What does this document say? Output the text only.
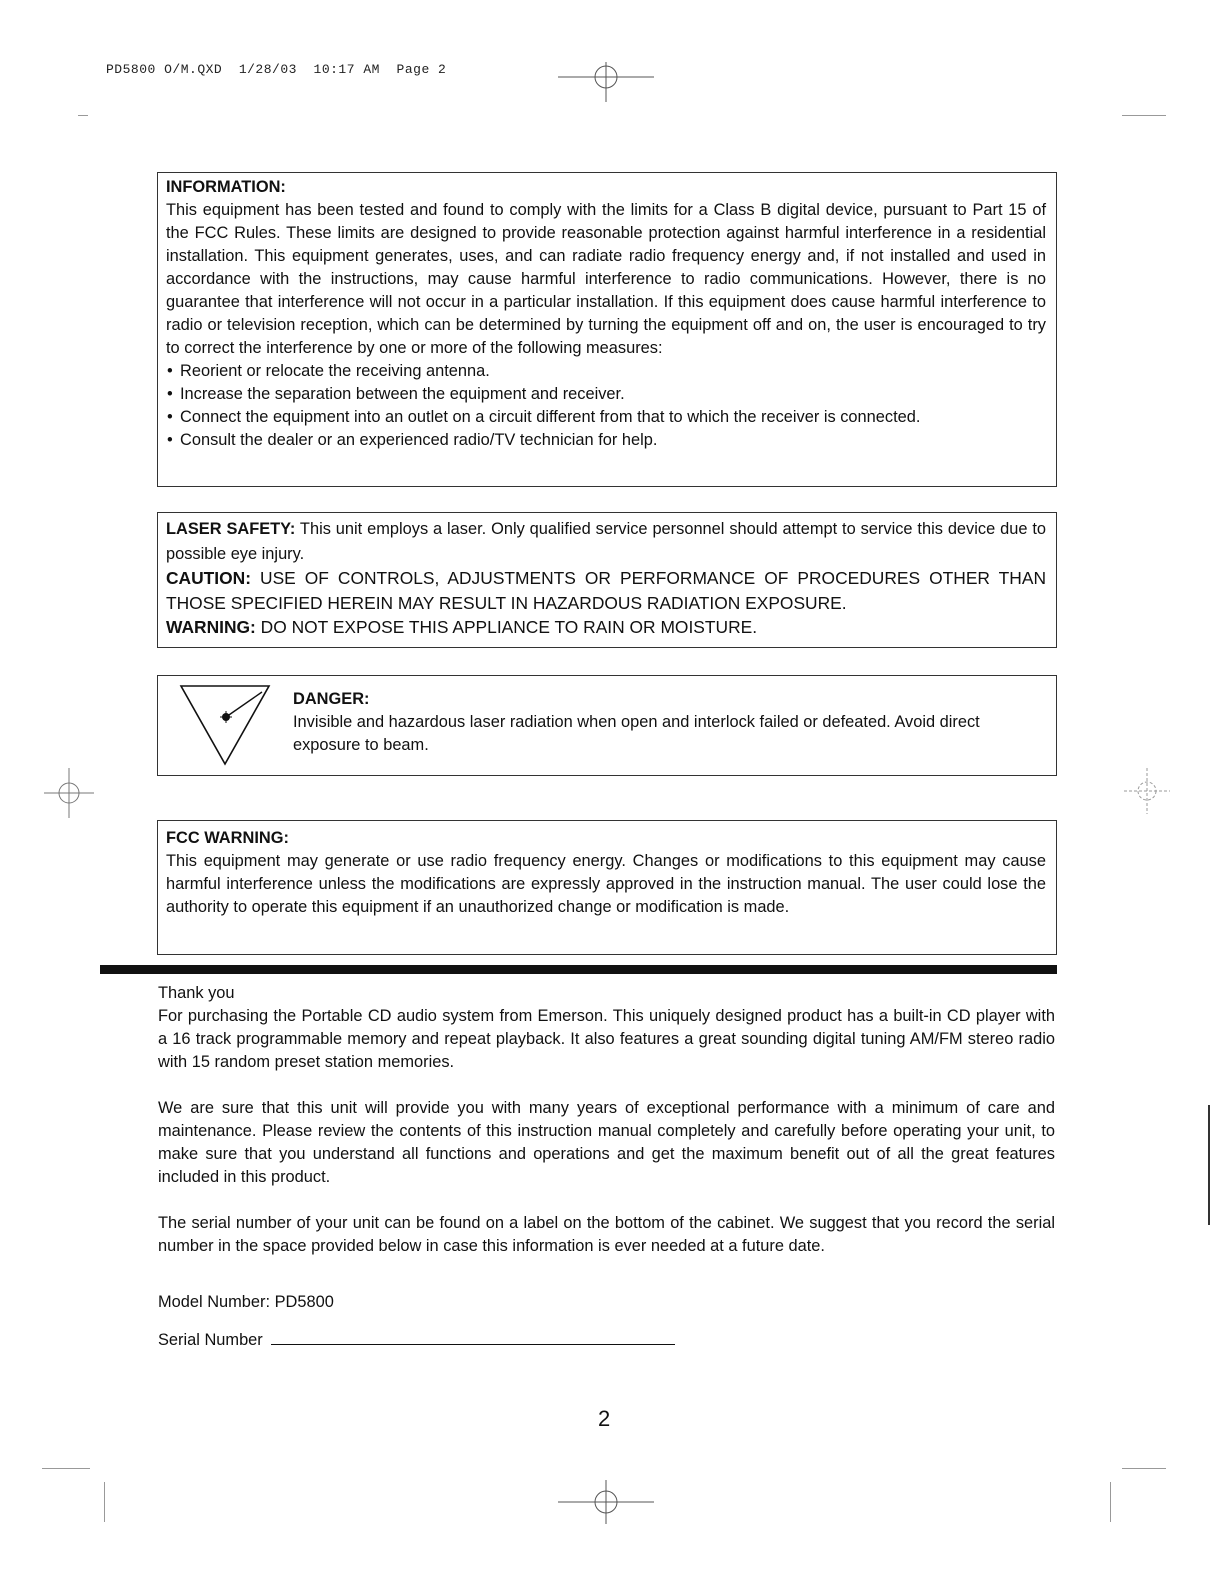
PD5800 O/M.QXD  1/28/03  10:17 AM  Page 2

INFORMATION:

This equipment has been tested and found to comply with the limits for a Class B digital device, pursuant to Part 15 of the FCC Rules. These limits are designed to provide reasonable protection against harmful interference in a residential installation. This equipment generates, uses, and can radiate radio frequency energy and, if not installed and used in accordance with the instructions, may cause harmful interference to radio communications. However, there is no guarantee that interference will not occur in a particular installation. If this equipment does cause harmful interference to radio or television reception, which can be determined by turning the equipment off and on, the user is encouraged to try to correct the interference by one or more of the following measures:

• Reorient or relocate the receiving antenna.
• Increase the separation between the equipment and receiver.
• Connect the equipment into an outlet on a circuit different from that to which the receiver is connected.
• Consult the dealer or an experienced radio/TV technician for help.

LASER SAFETY: This unit employs a laser. Only qualified service personnel should attempt to service this device due to possible eye injury.

CAUTION: USE OF CONTROLS, ADJUSTMENTS OR PERFORMANCE OF PROCEDURES OTHER THAN THOSE SPECIFIED HEREIN MAY RESULT IN HAZARDOUS RADIATION EXPOSURE.

WARNING: DO NOT EXPOSE THIS APPLIANCE TO RAIN OR MOISTURE.

DANGER:

Invisible and hazardous laser radiation when open and interlock failed or defeated. Avoid direct exposure to beam.

FCC WARNING:

This equipment may generate or use radio frequency energy. Changes or modifications to this equipment may cause harmful interference unless the modifications are expressly approved in the instruction manual. The user could lose the authority to operate this equipment if an unauthorized change or modification is made.

Thank you

For purchasing the Portable CD audio system from Emerson. This uniquely designed product has a built-in CD player with a 16 track programmable memory and repeat playback. It also features a great sounding digital tuning AM/FM stereo radio with 15 random preset station memories.

We are sure that this unit will provide you with many years of exceptional performance with a minimum of care and maintenance. Please review the contents of this instruction manual completely and carefully before operating your unit, to make sure that you understand all functions and operations and get the maximum benefit out of all the great features included in this product.

The serial number of your unit can be found on a label on the bottom of the cabinet. We suggest that you record the serial number in the space provided below in case this information is ever needed at a future date.

Model Number: PD5800
Serial Number
2
